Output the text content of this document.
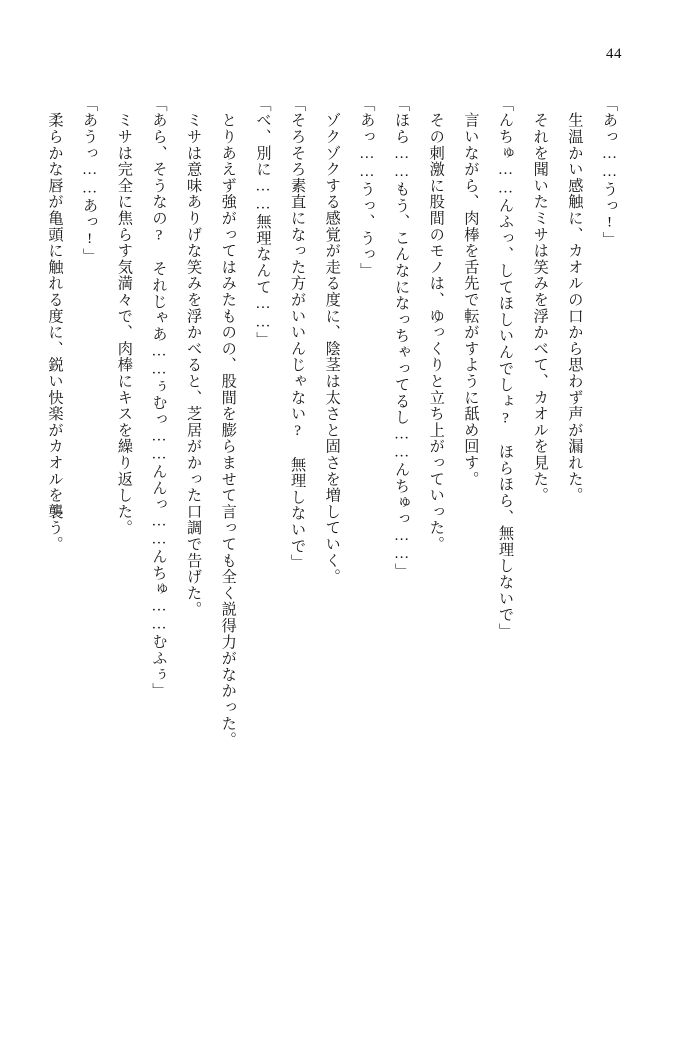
44

「あっ……うっ!」

　生温かい感触に、カオルの口から思わず声が漏れた。

　それを聞いたミサは笑みを浮かべて、カオルを見た。

「んちゅ……んふっ、してほしいんでしょ?　ほらほら、無理しないで」

　言いながら、肉棒を舌先で転がすように舐め回す。

　その刺激に股間のモノは、ゆっくりと立ち上がっていった。

「ほら……もう、こんなになっちゃってるし……んちゅっ……」

「あっ……うっ、うっ」

　ゾクゾクする感覚が走る度に、陰茎は太さと固さを増していく。

「そろそろ素直になった方がいいんじゃない?　無理しないで」

「べ、別に……無理なんて……」

　とりあえず強がってはみたものの、股間を膨らませて言っても全く説得力がなかった。

　ミサは意味ありげな笑みを浮かべると、芝居がかった口調で告げた。

「あら、そうなの?　それじゃあ……ぅむっ……んんっ……んちゅ……むふぅ」

　ミサは完全に焦らす気満々で、肉棒にキスを繰り返した。

「あうっ……あっ!」

　柔らかな唇が亀頭に触れる度に、鋭い快楽がカオルを襲う。
